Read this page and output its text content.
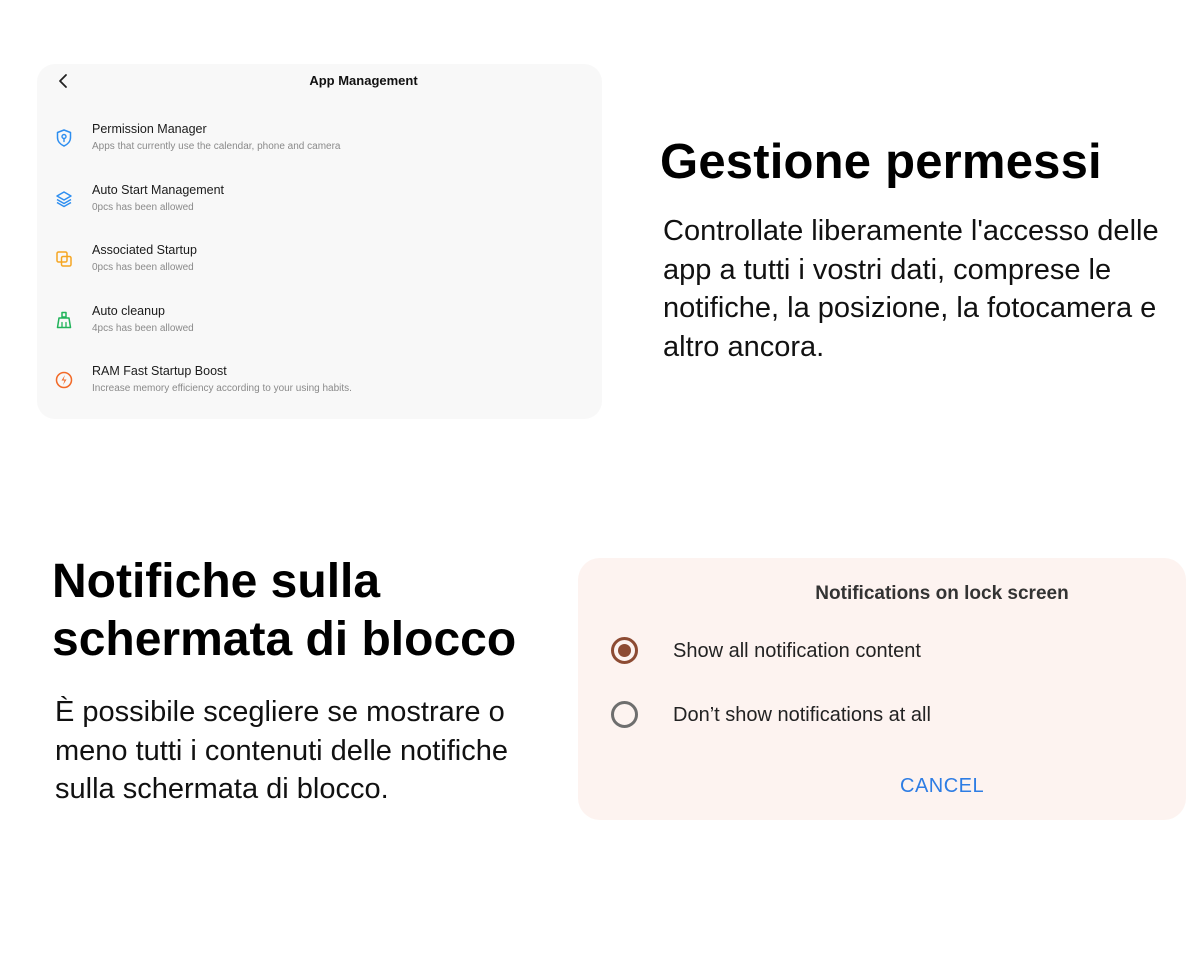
App Management
Permission Manager
Apps that currently use the calendar, phone and camera
Auto Start Management
0pcs has been allowed
Associated Startup
0pcs has been allowed
Auto cleanup
4pcs has been allowed
RAM Fast Startup Boost
Increase memory efficiency according to your using habits.
Gestione permessi

Controllate liberamente l'accesso delle app a tutti i vostri dati, comprese le notifiche, la posizione, la fotocamera e altro ancora.

Notifiche sulla schermata di blocco

È possibile scegliere se mostrare o meno tutti i contenuti delle notifiche sulla schermata di blocco.

Notifications on lock screen
Show all notification content
Don’t show notifications at all
CANCEL
